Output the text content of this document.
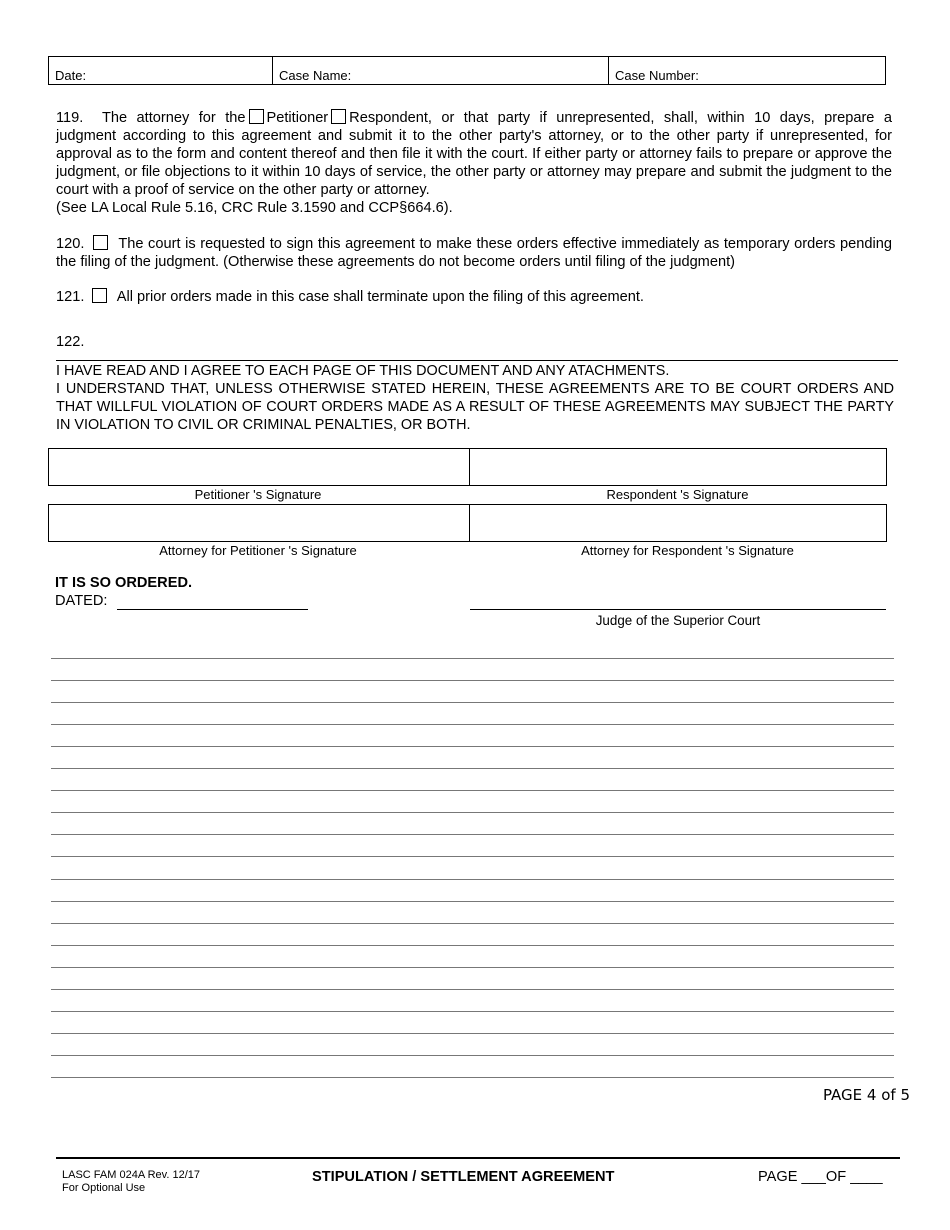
Date:	Case Name:	Case Number:
119. The attorney for the Petitioner Respondent, or that party if unrepresented, shall, within 10 days, prepare a
judgment according to this agreement and submit it to the other party's attorney, or to the other party if unrepresented, for approval as to the form and content thereof and then file it with the court. If either party or attorney fails to prepare or approve the judgment, or file objections to it within 10 days of service, the other party or attorney may prepare and submit the judgment to the court with a proof of service on the other party or attorney.
(See LA Local Rule 5.16, CRC Rule 3.1590 and CCP§664.6).
120. The court is requested to sign this agreement to make these orders effective immediately as temporary orders pending the filing of the judgment. (Otherwise these agreements do not become orders until filing of the judgment)
121. All prior orders made in this case shall terminate upon the filing of this agreement.
122.
I HAVE READ AND I AGREE TO EACH PAGE OF THIS DOCUMENT AND ANY ATACHMENTS.
I UNDERSTAND THAT, UNLESS OTHERWISE STATED HEREIN, THESE AGREEMENTS ARE TO BE COURT ORDERS AND THAT WILLFUL VIOLATION OF COURT ORDERS MADE AS A RESULT OF THESE AGREEMENTS MAY SUBJECT THE PARTY IN VIOLATION TO CIVIL OR CRIMINAL PENALTIES, OR BOTH.
Petitioner 's Signature	Respondent 's Signature
Attorney for Petitioner 's Signature	Attorney for Respondent 's Signature
IT IS SO ORDERED.
DATED:
Judge of the Superior Court
PAGE 4 of 5
LASC FAM 024A Rev. 12/17
For Optional Use
STIPULATION / SETTLEMENT AGREEMENT	PAGE ___OF ____
